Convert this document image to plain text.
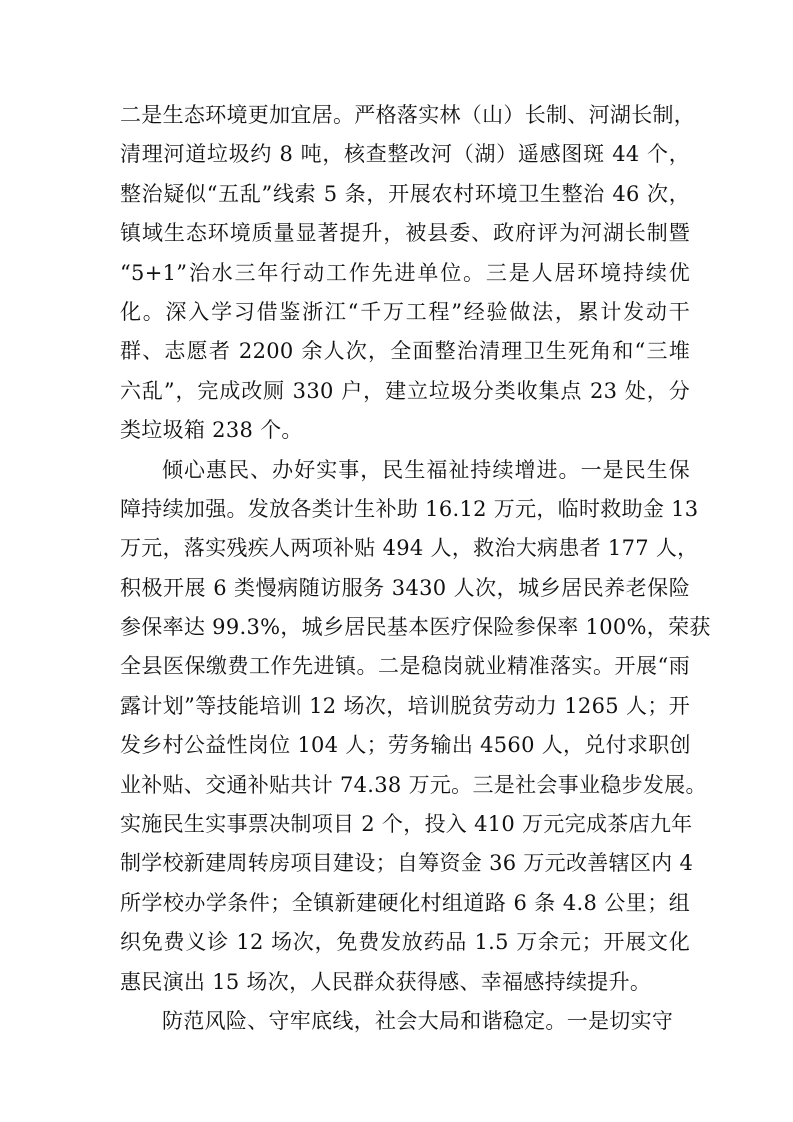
二是生态环境更加宜居。严格落实林（山）长制、河湖长制，
清理河道垃圾约 8 吨，核查整改河（湖）遥感图斑 44 个，
整治疑似“五乱”线索 5 条，开展农村环境卫生整治 46 次，
镇域生态环境质量显著提升，被县委、政府评为河湖长制暨
“5+1”治水三年行动工作先进单位。三是人居环境持续优
化。深入学习借鉴浙江“千万工程”经验做法，累计发动干
群、志愿者 2200 余人次，全面整治清理卫生死角和“三堆
六乱”，完成改厕 330 户，建立垃圾分类收集点 23 处，分
类垃圾箱 238 个。
倾心惠民、办好实事，民生福祉持续增进。一是民生保
障持续加强。发放各类计生补助 16.12 万元，临时救助金 13
万元，落实残疾人两项补贴 494 人，救治大病患者 177 人，
积极开展 6 类慢病随访服务 3430 人次，城乡居民养老保险
参保率达 99.3%，城乡居民基本医疗保险参保率 100%，荣获
全县医保缴费工作先进镇。二是稳岗就业精准落实。开展“雨
露计划”等技能培训 12 场次，培训脱贫劳动力 1265 人；开
发乡村公益性岗位 104 人；劳务输出 4560 人，兑付求职创
业补贴、交通补贴共计 74.38 万元。三是社会事业稳步发展。
实施民生实事票决制项目 2 个，投入 410 万元完成茶店九年
制学校新建周转房项目建设；自筹资金 36 万元改善辖区内 4
所学校办学条件；全镇新建硬化村组道路 6 条 4.8 公里；组
织免费义诊 12 场次，免费发放药品 1.5 万余元；开展文化
惠民演出 15 场次，人民群众获得感、幸福感持续提升。
防范风险、守牢底线，社会大局和谐稳定。一是切实守
